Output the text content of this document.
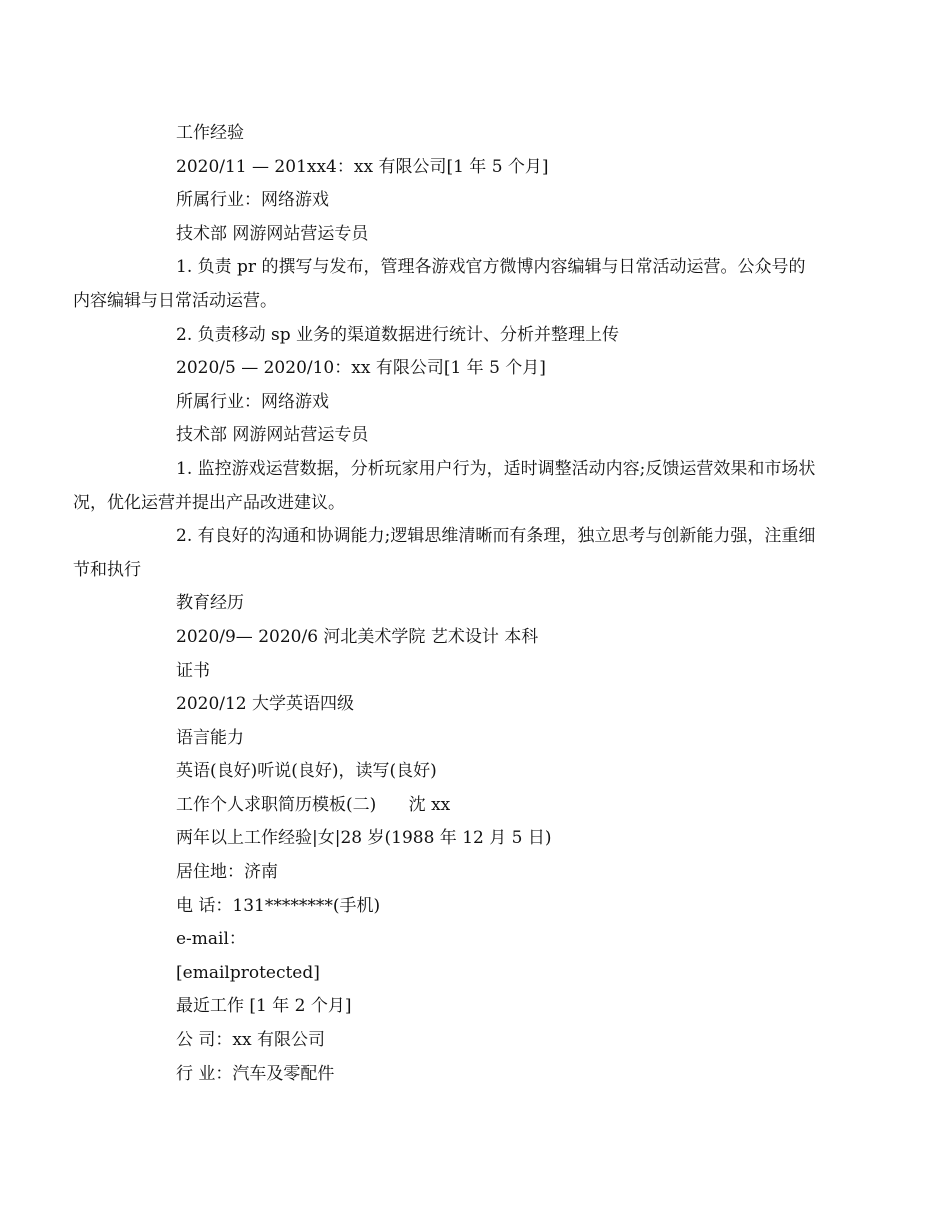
工作经验

2020/11 — 201xx4：xx 有限公司[1 年 5 个月]

所属行业：网络游戏

技术部 网游网站营运专员

1. 负责 pr 的撰写与发布，管理各游戏官方微博内容编辑与日常活动运营。公众号的内容编辑与日常活动运营。

2. 负责移动 sp 业务的渠道数据进行统计、分析并整理上传

2020/5 — 2020/10：xx 有限公司[1 年 5 个月]

所属行业：网络游戏

技术部 网游网站营运专员

1. 监控游戏运营数据，分析玩家用户行为，适时调整活动内容;反馈运营效果和市场状况，优化运营并提出产品改进建议。

2. 有良好的沟通和协调能力;逻辑思维清晰而有条理，独立思考与创新能力强，注重细节和执行

教育经历

2020/9— 2020/6 河北美术学院 艺术设计 本科

证书

2020/12 大学英语四级

语言能力

英语(良好)听说(良好)，读写(良好)

工作个人求职简历模板(二)      沈 xx

两年以上工作经验|女|28 岁(1988 年 12 月 5 日)

居住地：济南

电 话：131********(手机)

e-mail：

[emailprotected]

最近工作 [1 年 2 个月]

公 司：xx 有限公司

行 业：汽车及零配件
